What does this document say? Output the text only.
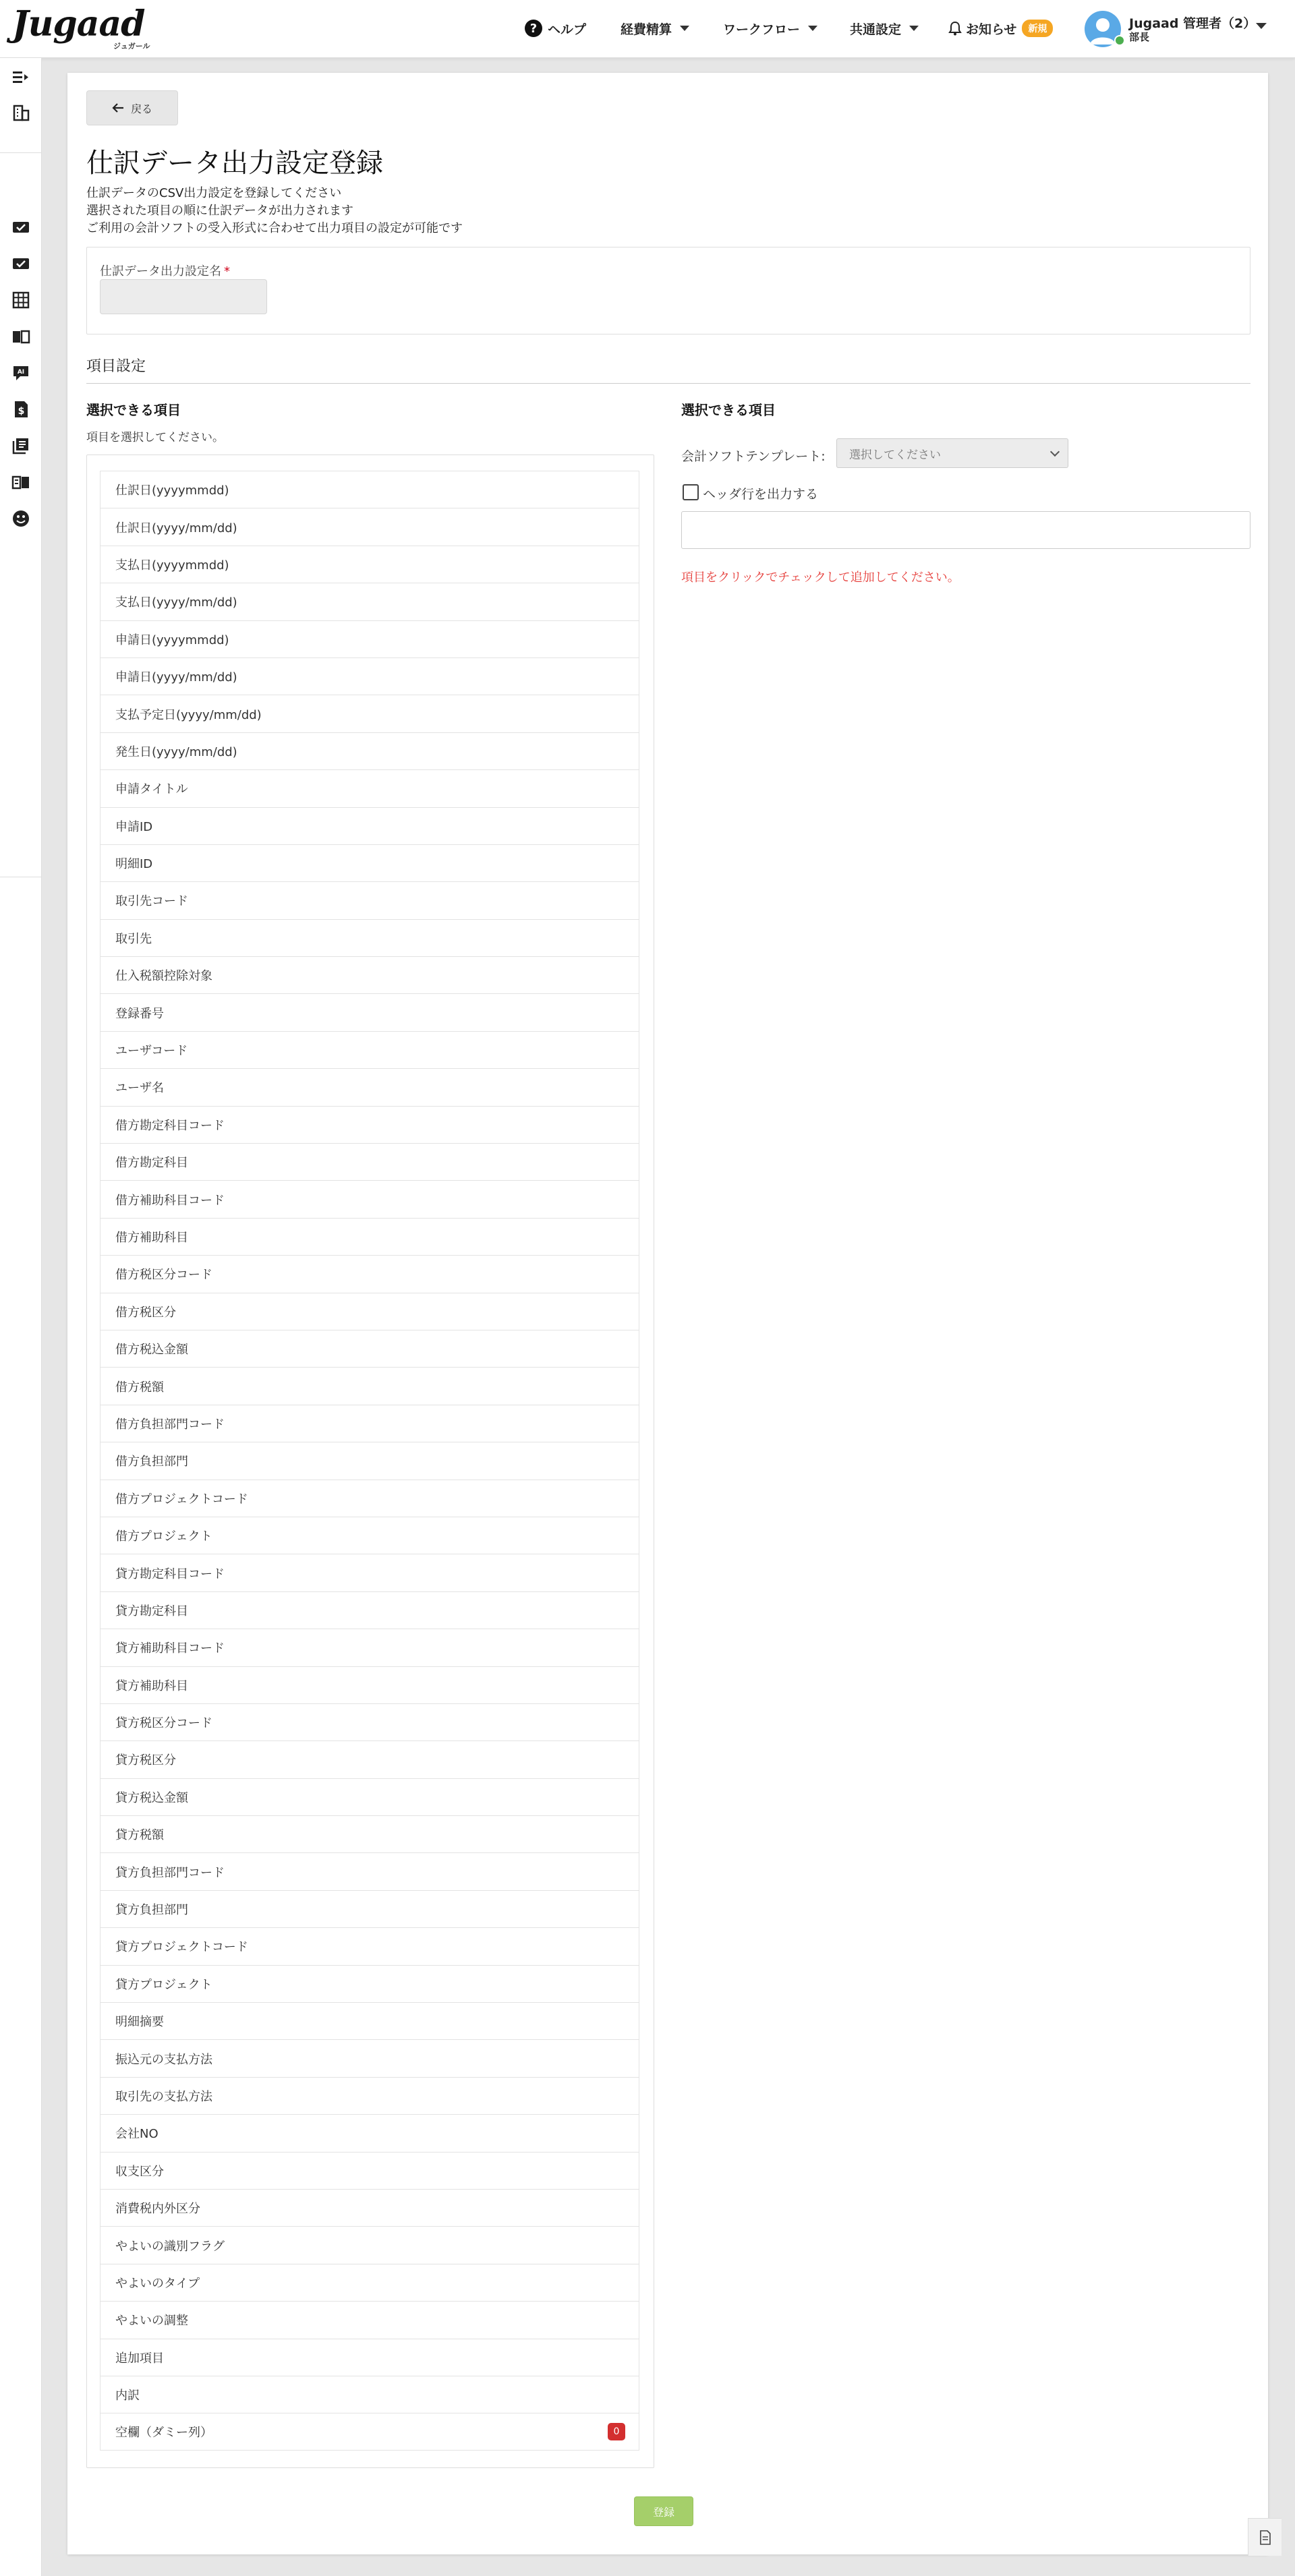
Jugaad
ジュガール
? ヘルプ	経費精算	ワークフロー	共通設定	お知らせ	新規	Jugaad 管理者（2）
部長
AI
$
戻る
仕訳データ出力設定登録
仕訳データのCSV出力設定を登録してください
選択された項目の順に仕訳データが出力されます
ご利用の会計ソフトの受入形式に合わせて出力項目の設定が可能です
仕訳データ出力設定名 *
項目設定
選択できる項目
項目を選択してください。
仕訳日(yyyymmdd)
仕訳日(yyyy/mm/dd)
支払日(yyyymmdd)
支払日(yyyy/mm/dd)
申請日(yyyymmdd)
申請日(yyyy/mm/dd)
支払予定日(yyyy/mm/dd)
発生日(yyyy/mm/dd)
申請タイトル
申請ID
明細ID
取引先コード
取引先
仕入税額控除対象
登録番号
ユーザコード
ユーザ名
借方勘定科目コード
借方勘定科目
借方補助科目コード
借方補助科目
借方税区分コード
借方税区分
借方税込金額
借方税額
借方負担部門コード
借方負担部門
借方プロジェクトコード
借方プロジェクト
貸方勘定科目コード
貸方勘定科目
貸方補助科目コード
貸方補助科目
貸方税区分コード
貸方税区分
貸方税込金額
貸方税額
貸方負担部門コード
貸方負担部門
貸方プロジェクトコード
貸方プロジェクト
明細摘要
振込元の支払方法
取引先の支払方法
会社NO
収支区分
消費税内外区分
やよいの識別フラグ
やよいのタイプ
やよいの調整
追加項目
内訳
空欄（ダミー列）	0
選択できる項目
会計ソフトテンプレート: 選択してください
ヘッダ行を出力する
項目をクリックでチェックして追加してください。
登録
